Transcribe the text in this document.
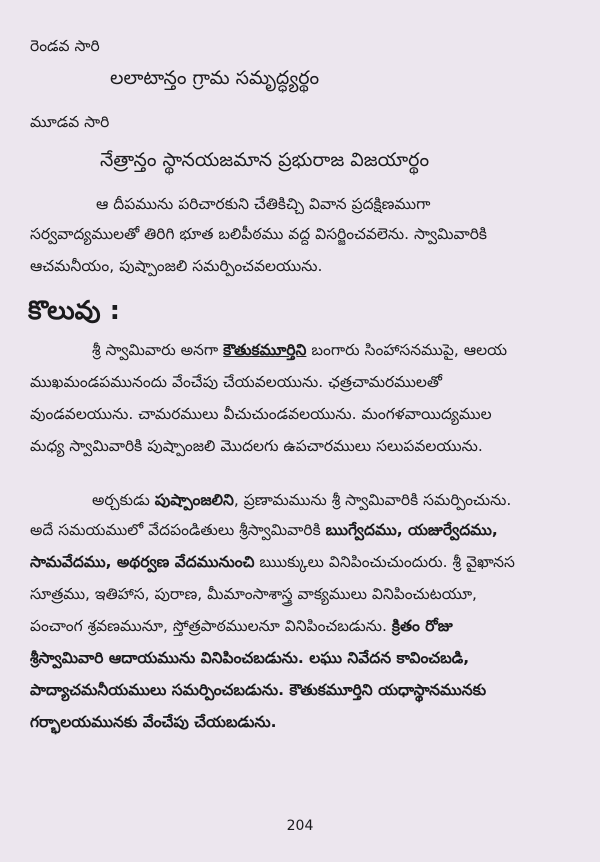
రెండవ సారి
లలాటాన్తం గ్రామ సమృద్ధ్యర్థం
మూడవ సారి
నేత్రాన్తం స్థానయజమాన ప్రభురాజ విజయార్థం
ఆ దీపమును పరిచారకుని చేతికిచ్చి వివాన ప్రదక్షిణముగా
సర్వవాద్యములతో తిరిగి భూత బలిపీఠము వద్ద విసర్జించవలెను. స్వామివారికి
ఆచమనీయం, పుష్పాంజలి సమర్పించవలయును.
కొలువు :
శ్రీ స్వామివారు అనగా కౌతుకమూర్తిని బంగారు సింహాసనముపై, ఆలయ
ముఖమండపమునందు వేంచేపు చేయవలయును. ఛత్రచామరములతో
వుండవలయును. చామరములు వీచుచుండవలయును. మంగళవాయిద్యముల
మధ్య స్వామివారికి పుష్పాంజలి మొదలగు ఉపచారములు సలుపవలయును.
అర్చకుడు పుష్పాంజలిని, ప్రణామమును శ్రీ స్వామివారికి సమర్పించును.
అదే సమయములో వేదపండితులు శ్రీస్వామివారికి ఋగ్వేదము, యజుర్వేదము,
సామవేదము, అథర్వణ వేదమునుంచి ఋుక్కులు వినిపించుచుందురు. శ్రీ వైఖానస
సూత్రము, ఇతిహాస, పురాణ, మీమాంసాశాస్త్ర వాక్యములు వినిపించుటయూ,
పంచాంగ శ్రవణమునూ, స్తోత్రపాఠములనూ వినిపించబడును. క్రితం రోజు
శ్రీస్వామివారి ఆదాయమును వినిపించబడును. లఘు నివేదన కావించబడి,
పాద్యాచమనీయములు సమర్పించబడును. కౌతుకమూర్తిని యధాస్థానమునకు
గర్భాలయమునకు వేంచేపు చేయబడును.
204
